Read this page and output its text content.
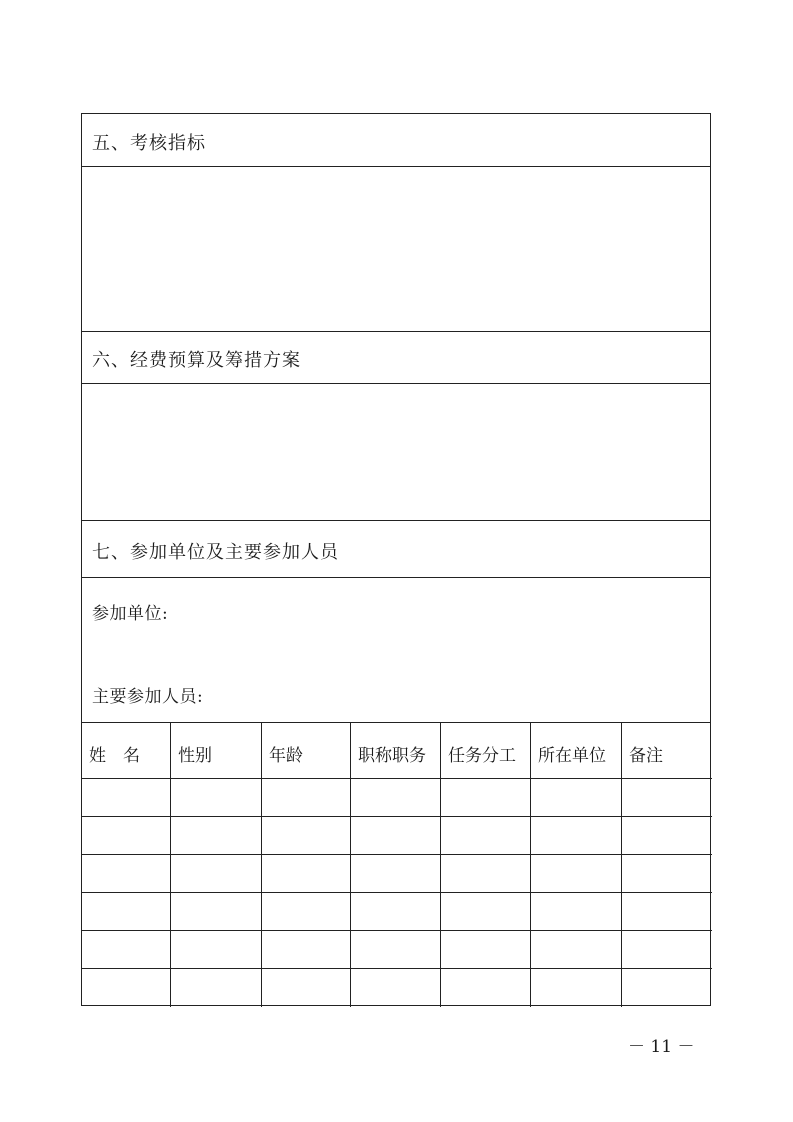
五、考核指标
六、经费预算及筹措方案
七、参加单位及主要参加人员
参加单位:
主要参加人员:
姓　名 性别	年龄	职称职务 任务分工 所在单位 备注
－ 11 －
